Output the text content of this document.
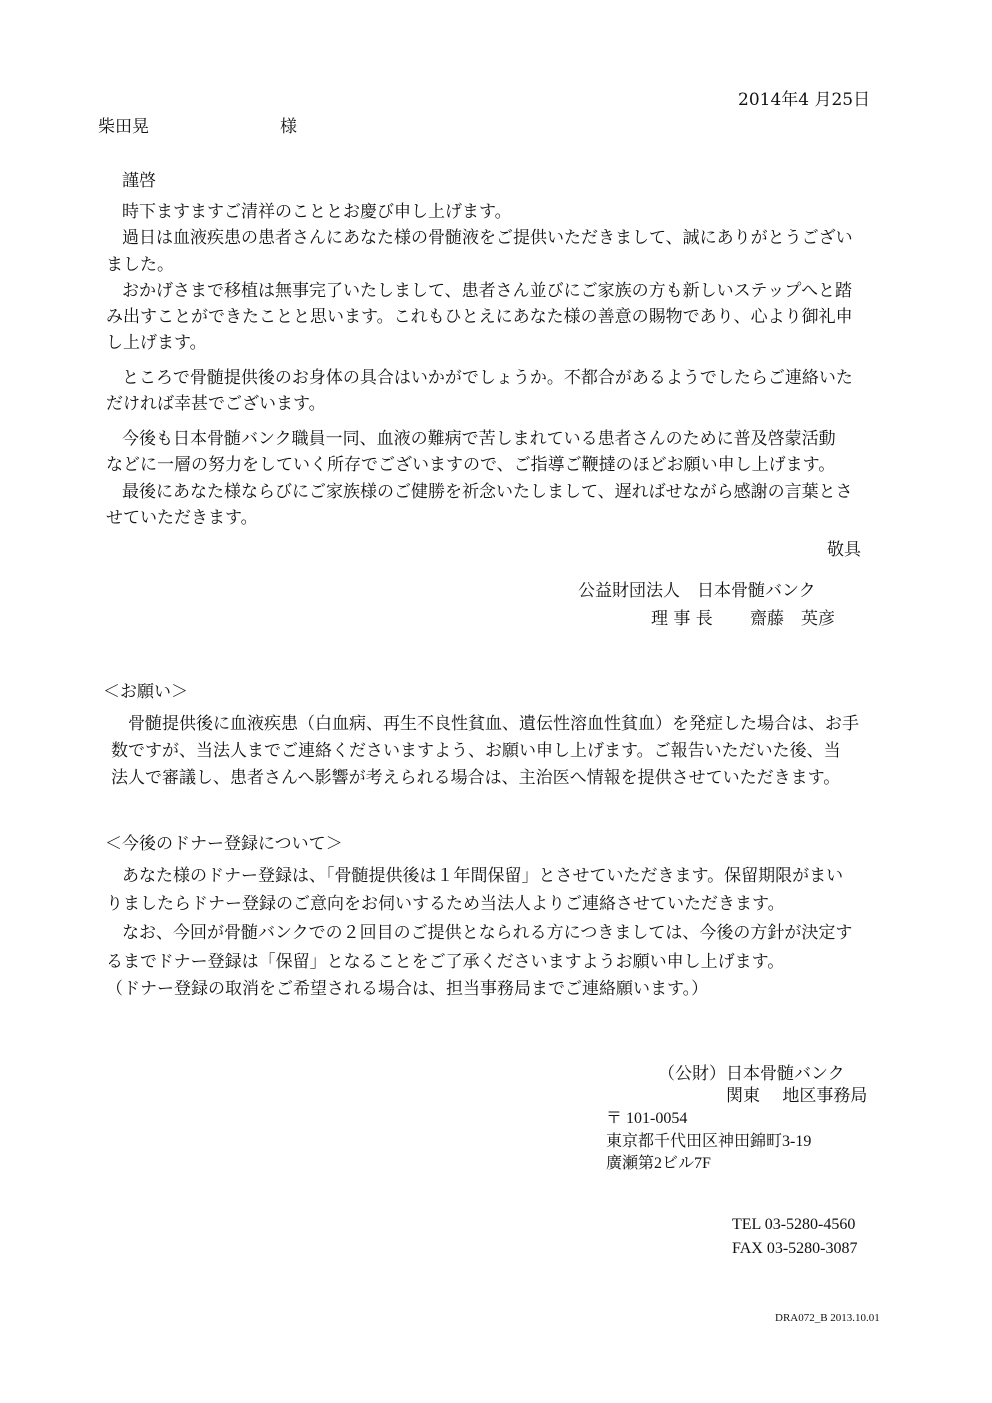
2014年4 月25日
柴田晃	様
謹啓
時下ますますご清祥のこととお慶び申し上げます。
過日は血液疾患の患者さんにあなた様の骨髄液をご提供いただきまして、誠にありがとうござい
ました。
おかげさまで移植は無事完了いたしまして、患者さん並びにご家族の方も新しいステップへと踏
み出すことができたことと思います。これもひとえにあなた様の善意の賜物であり、心より御礼申
し上げます。
ところで骨髄提供後のお身体の具合はいかがでしょうか。不都合があるようでしたらご連絡いた
だければ幸甚でございます。
今後も日本骨髄バンク職員一同、血液の難病で苦しまれている患者さんのために普及啓蒙活動
などに一層の努力をしていく所存でございますので、ご指導ご鞭撻のほどお願い申し上げます。
最後にあなた様ならびにご家族様のご健勝を祈念いたしまして、遅ればせながら感謝の言葉とさ
せていただきます。
敬具
公益財団法人　日本骨髄バンク
理 事 長 齋藤　英彦
＜お願い＞
骨髄提供後に血液疾患（白血病、再生不良性貧血、遺伝性溶血性貧血）を発症した場合は、お手
数ですが、当法人までご連絡くださいますよう、お願い申し上げます。ご報告いただいた後、当
法人で審議し、患者さんへ影響が考えられる場合は、主治医へ情報を提供させていただきます。
＜今後のドナー登録について＞
あなた様のドナー登録は、「骨髄提供後は１年間保留」とさせていただきます。保留期限がまい
りましたらドナー登録のご意向をお伺いするため当法人よりご連絡させていただきます。
なお、今回が骨髄バンクでの２回目のご提供となられる方につきましては、今後の方針が決定す
るまでドナー登録は「保留」となることをご了承くださいますようお願い申し上げます。
（ドナー登録の取消をご希望される場合は、担当事務局までご連絡願います。）
（公財）日本骨髄バンク
関東　 地区事務局
〒 101-0054
東京都千代田区神田錦町3-19
廣瀬第2ビル7F
TEL 03-5280-4560
FAX 03-5280-3087
DRA072_B 2013.10.01
